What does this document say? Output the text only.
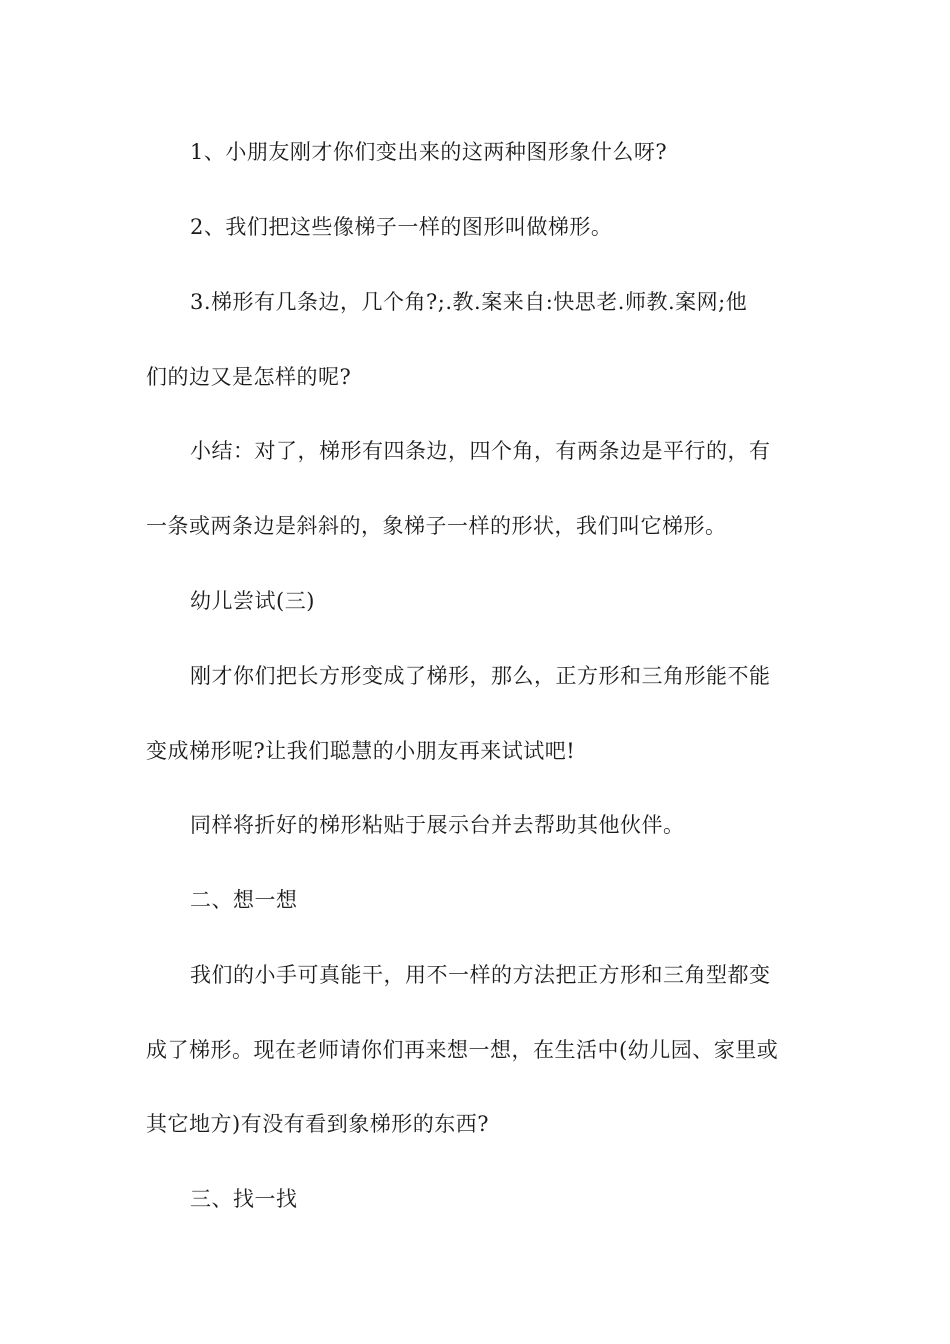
1、小朋友刚才你们变出来的这两种图形象什么呀?
2、我们把这些像梯子一样的图形叫做梯形。
3.梯形有几条边，几个角?;.教.案来自:快思老.师教.案网;他
们的边又是怎样的呢?
小结：对了，梯形有四条边，四个角，有两条边是平行的，有
一条或两条边是斜斜的，象梯子一样的形状，我们叫它梯形。
幼儿尝试(三)
刚才你们把长方形变成了梯形，那么，正方形和三角形能不能
变成梯形呢?让我们聪慧的小朋友再来试试吧!
同样将折好的梯形粘贴于展示台并去帮助其他伙伴。
二、想一想
我们的小手可真能干，用不一样的方法把正方形和三角型都变
成了梯形。现在老师请你们再来想一想，在生活中(幼儿园、家里或
其它地方)有没有看到象梯形的东西?
三、找一找
